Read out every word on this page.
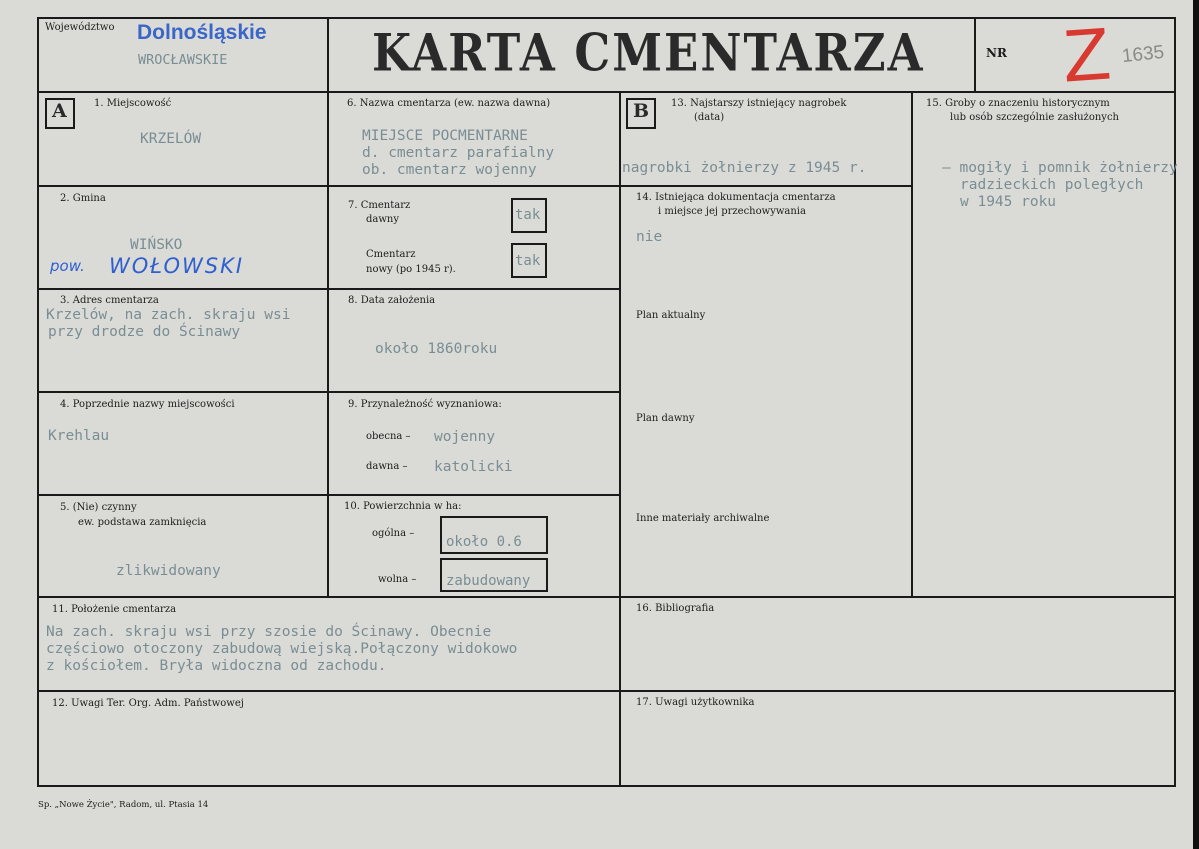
Województwo Dolnośląskie
WROCŁAWSKIE	KARTA CMENTARZA	NR Z 1635
A	B
1. Miejscowość
KRZELÓW
6. Nazwa cmentarza (ew. nazwa dawna)
MIEJSCE POCMENTARNE
d. cmentarz parafialny
ob. cmentarz wojenny
13. Najstarszy istniejący nagrobek
(data)
nagrobki żołnierzy z 1945 r.
15. Groby o znaczeniu historycznym
lub osób szczególnie zasłużonych
– mogiły i pomnik żołnierzy
radzieckich poległych
w 1945 roku
2. Gmina
WIŃSKO
pow. WOŁOWSKI
7. Cmentarz
dawny	tak
Cmentarz
nowy (po 1945 r).
tak
14. Istniejąca dokumentacja cmentarza
i miejsce jej przechowywania
nie
3. Adres cmentarza
Krzelów, na zach. skraju wsi
przy drodze do Ścinawy
8. Data założenia
około 1860roku
Plan aktualny
Plan dawny
Inne materiały archiwalne
4. Poprzednie nazwy miejscowości
Krehlau
9. Przynależność wyznaniowa:
obecna – wojenny
dawna – katolicki
5. (Nie) czynny
ew. podstawa zamknięcia
zlikwidowany
10. Powierzchnia w ha:
ogólna –
około 0.6
wolna – zabudowany
11. Położenie cmentarza
Na zach. skraju wsi przy szosie do Ścinawy. Obecnie
częściowo otoczony zabudową wiejską.Połączony widokowo
z kościołem. Bryła widoczna od zachodu.
16. Bibliografia
12. Uwagi Ter. Org. Adm. Państwowej	17. Uwagi użytkownika
Sp. „Nowe Życie", Radom, ul. Ptasia 14
